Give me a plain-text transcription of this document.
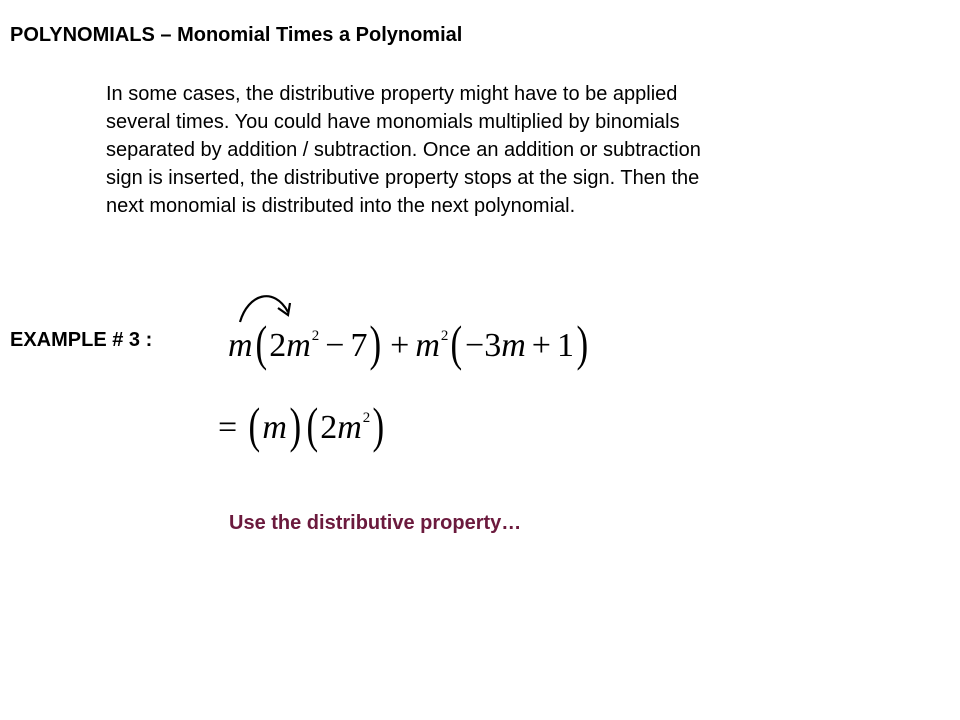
POLYNOMIALS – Monomial Times a Polynomial
In some cases, the distributive property might have to be applied
several times. You could have monomials multiplied by binomials
separated by addition / subtraction. Once an addition or subtraction
sign is inserted, the distributive property stops at the sign. Then the
next monomial is distributed into the next polynomial.
EXAMPLE # 3 : $m(2m^2 - 7) + m^2(-3m + 1)$
= $(m)(2m^2)$
Use the distributive property…
